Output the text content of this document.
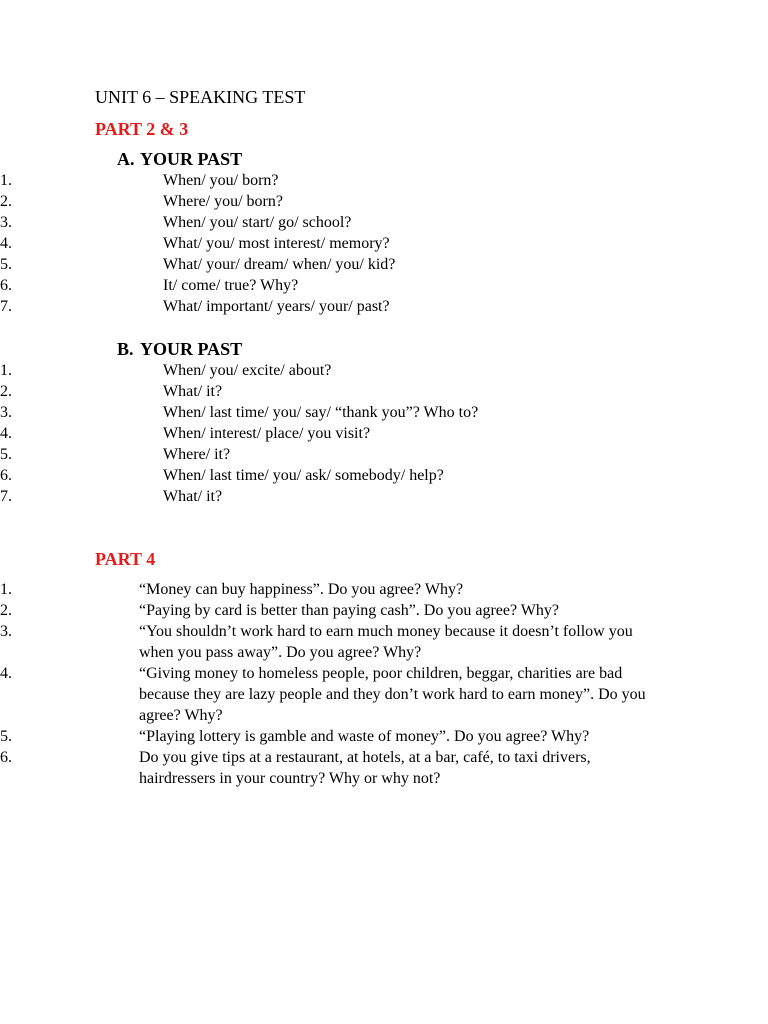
UNIT 6 – SPEAKING TEST
PART 2 & 3
A. YOUR PAST
1.	When/ you/ born?
2.	Where/ you/ born?
3.	When/ you/ start/ go/ school?
4.	What/ you/ most interest/ memory?
5.	What/ your/ dream/ when/ you/ kid?
6.	It/ come/ true? Why?
7.	What/ important/ years/ your/ past?
B. YOUR PAST
1.	When/ you/ excite/ about?
2.	What/ it?
3.	When/ last time/ you/ say/ “thank you”? Who to?
4.	When/ interest/ place/ you visit?
5.	Where/ it?
6.	When/ last time/ you/ ask/ somebody/ help?
7.	What/ it?
PART 4
1.	“Money can buy happiness”. Do you agree? Why?
2.	“Paying by card is better than paying cash”. Do you agree? Why?
3.	“You shouldn’t work hard to earn much money because it doesn’t follow you when you pass away”. Do you agree? Why?
4.	“Giving money to homeless people, poor children, beggar, charities are bad because they are lazy people and they don’t work hard to earn money”. Do you agree? Why?
5.	“Playing lottery is gamble and waste of money”. Do you agree? Why?
6.	Do you give tips at a restaurant, at hotels, at a bar, café, to taxi drivers, hairdressers in your country? Why or why not?
